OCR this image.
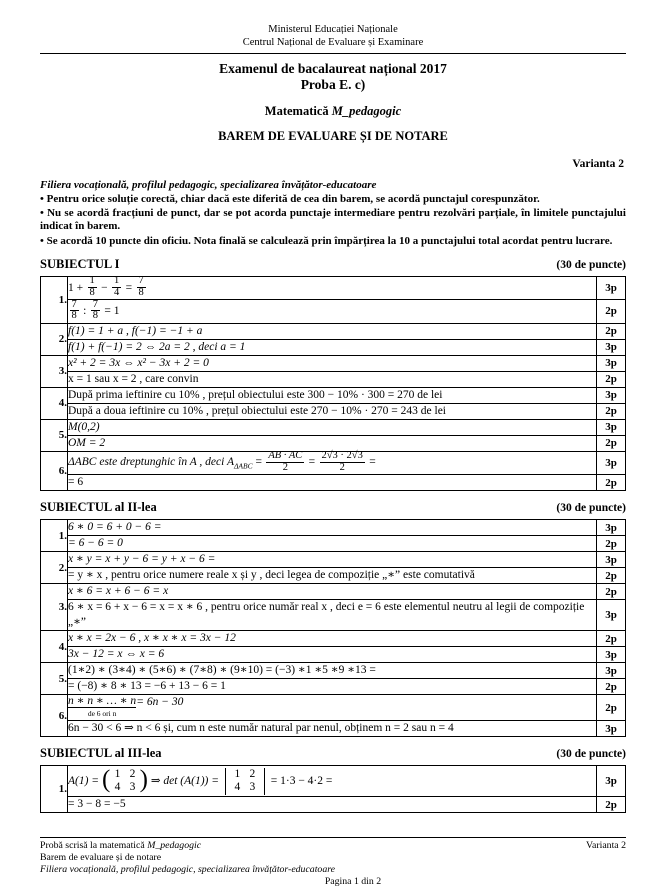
Ministerul Educației Naționale
Centrul Național de Evaluare și Examinare
Examenul de bacalaureat național 2017
Proba E. c)
Matematică M_pedagogic
BAREM DE EVALUARE ȘI DE NOTARE
Varianta 2
Filiera vocațională, profilul pedagogic, specializarea învățător-educatoare
• Pentru orice soluție corectă, chiar dacă este diferită de cea din barem, se acordă punctajul corespunzător.
• Nu se acordă fracțiuni de punct, dar se pot acorda punctaje intermediare pentru rezolvări parțiale, în limitele punctajului indicat în barem.
• Se acordă 10 puncte din oficiu. Nota finală se calculează prin împărțirea la 10 a punctajului total acordat pentru lucrare.
SUBIECTUL I	(30 de puncte)
1.	$1 + \frac{1}{8} - \frac{1}{4} = \frac{7}{8}$	3p

$\frac{7}{8}$ : $\frac{7}{8} = 1$	2p
2.	f(1) = 1 + a , f(−1) = −1 + a	2p
	f(1) + f(−1) = 2 ⇔ 2a = 2 , deci a = 1	3p
3.	x² + 2 = 3x ⇔ x² − 3x + 2 = 0	3p
	x = 1 sau x = 2 , care convin	2p
4.	După prima ieftinire cu 10% , prețul obiectului este 300 − 10% · 300 = 270 de lei	3p
	După a doua ieftinire cu 10% , prețul obiectului este 270 − 10% · 270 = 243 de lei	2p
5.	M(0,2)	3p
	OM = 2	2p
6.	ΔABC este dreptunghic în A , deci $A_{\Delta ABC} = \frac{AB \cdot AC}{2} = \frac{2√3 \cdot 2√3}{2}$ =	3p
	= 6	2p
SUBIECTUL al II-lea	(30 de puncte)
1.	6 ∗ 0 = 6 + 0 − 6 =	3p
	= 6 − 6 = 0	2p
2.	x ∗ y = x + y − 6 = y + x − 6 =	3p
	= y ∗ x , pentru orice numere reale x și y , deci legea de compoziție „∗” este comutativă	2p
3.	x ∗ 6 = x + 6 − 6 = x	2p
	6 ∗ x = 6 + x − 6 = x = x ∗ 6 , pentru orice număr real x , deci e = 6 este elementul neutru al legii de compoziție „∗”	3p
4.	x ∗ x = 2x − 6 , x ∗ x ∗ x = 3x − 12	2p
	3x − 12 = x ⇔ x = 6	3p
5.	(1∗2) ∗ (3∗4) ∗ (5∗6) ∗ (7∗8) ∗ (9∗10) = (−3) ∗1 ∗5 ∗9 ∗13 =	3p
	= (−8) ∗ 8 ∗ 13 = −6 + 13 − 6 = 1	2p
6.	n ∗ n ∗ … ∗ n
de 6 ori n
= 6n − 30	2p
	6n − 30 < 6 ⇒ n < 6 și, cum n este număr natural par nenul, obținem n = 2 sau n = 4	3p
SUBIECTUL al III-lea	(30 de puncte)
1.	A(1) = ( 1 2
4 3 ) ⇒ det (A(1)) =
1 2
4 3
= 1·3 − 4·2 =	3p
	= 3 − 8 = −5	2p
Probă scrisă la matematică M_pedagogic	Varianta 2
Barem de evaluare și de notare
Filiera vocațională, profilul pedagogic, specializarea învățător-educatoare
Pagina 1 din 2
